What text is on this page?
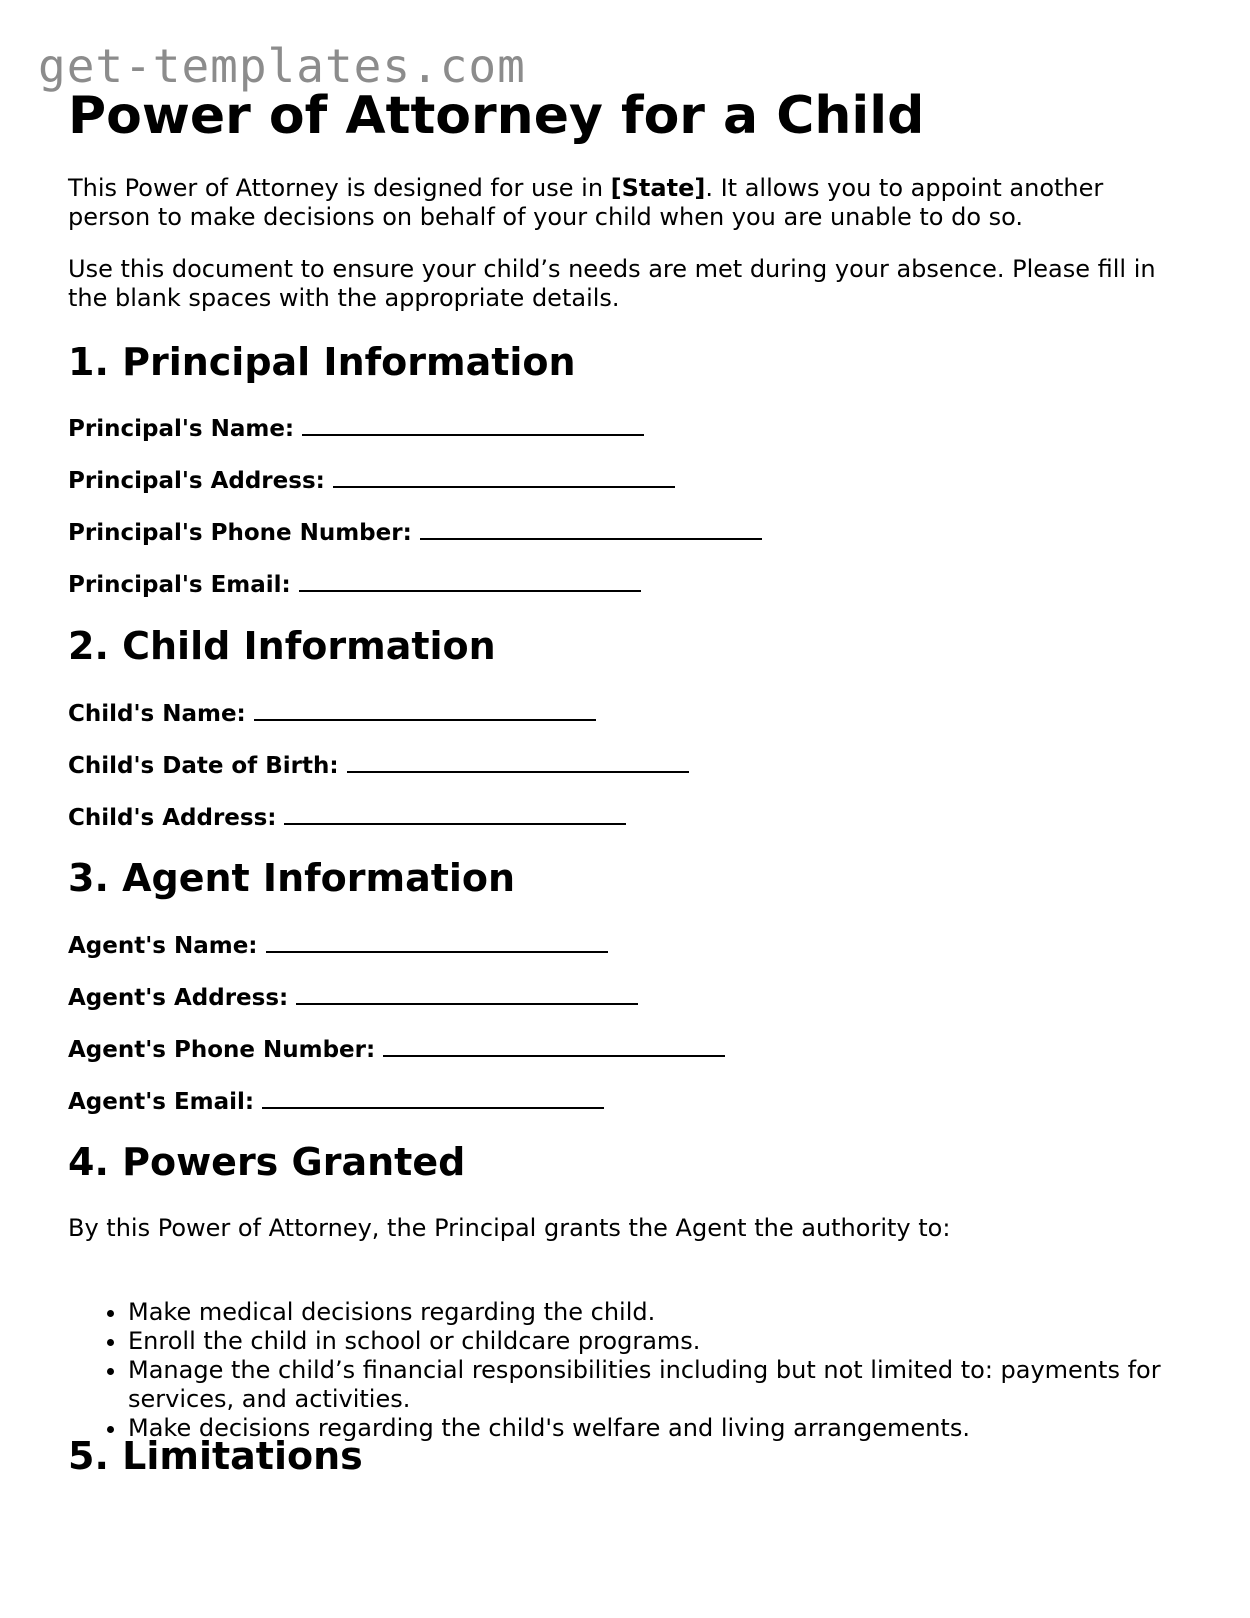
get-templates.com
Power of Attorney for a Child

This Power of Attorney is designed for use in [State]. It allows you to appoint another person to make decisions on behalf of your child when you are unable to do so.

Use this document to ensure your child’s needs are met during your absence. Please fill in the blank spaces with the appropriate details.

1. Principal Information

Principal's Name:

Principal's Address:

Principal's Phone Number:

Principal's Email:

2. Child Information

Child's Name:

Child's Date of Birth:

Child's Address:

3. Agent Information

Agent's Name:

Agent's Address:

Agent's Phone Number:

Agent's Email:

4. Powers Granted

By this Power of Attorney, the Principal grants the Agent the authority to:

• Make medical decisions regarding the child.
• Enroll the child in school or childcare programs.
• Manage the child’s financial responsibilities including but not limited to: payments for services, and activities.
• Make decisions regarding the child's welfare and living arrangements.
5. Limitations
